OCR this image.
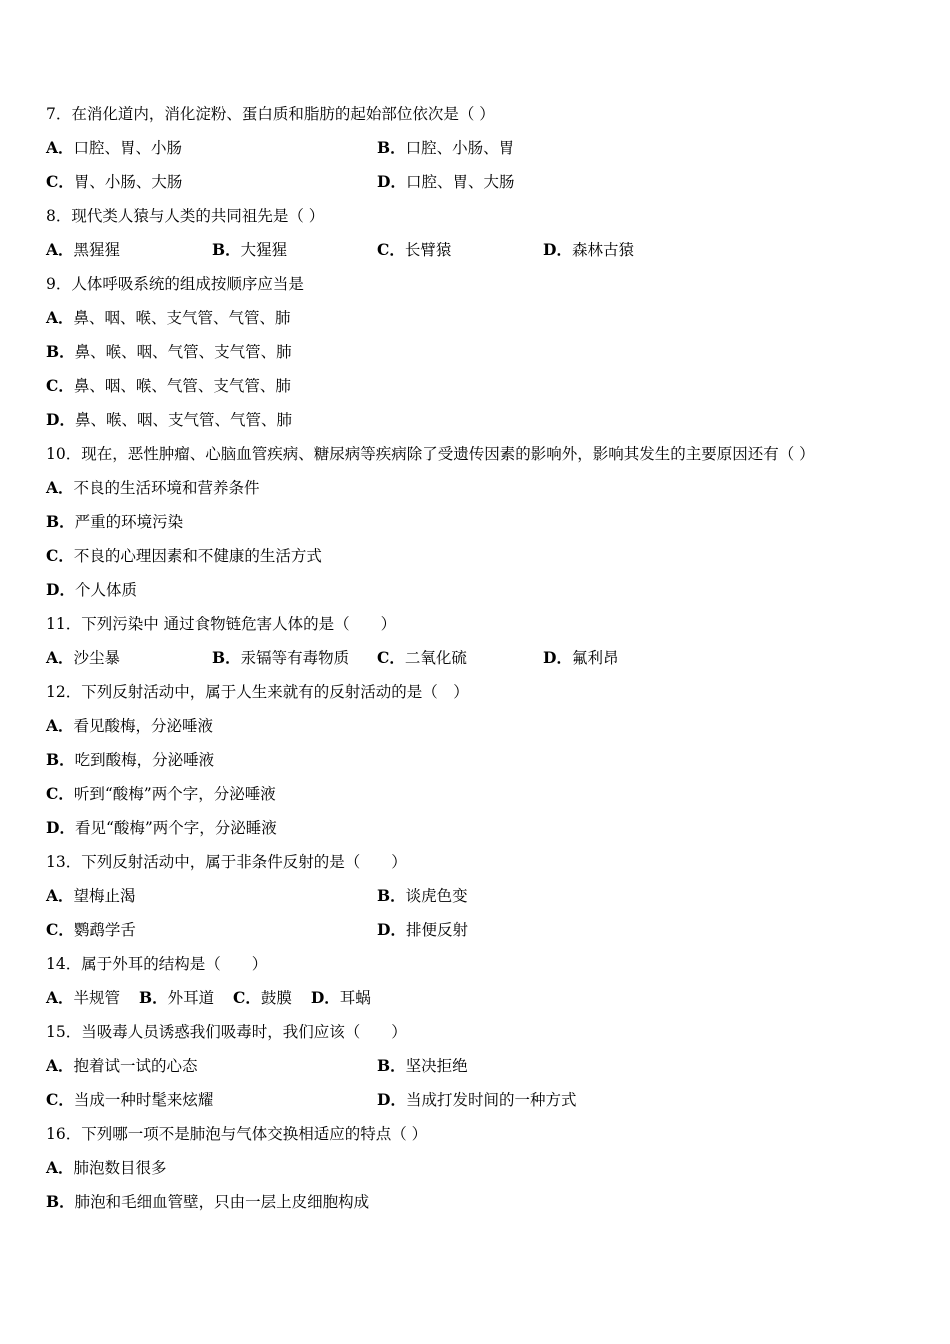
7．在消化道内，消化淀粉、蛋白质和脂肪的起始部位依次是（ ）
A．口腔、胃、小肠	B．口腔、小肠、胃
C．胃、小肠、大肠	D．口腔、胃、大肠
8．现代类人猿与人类的共同祖先是（ ）
A．黑猩猩	B．大猩猩	C．长臂猿	D．森林古猿
9．人体呼吸系统的组成按顺序应当是
A．鼻、咽、喉、支气管、气管、肺
B．鼻、喉、咽、气管、支气管、肺
C．鼻、咽、喉、气管、支气管、肺
D．鼻、喉、咽、支气管、气管、肺
10．现在，恶性肿瘤、心脑血管疾病、糖尿病等疾病除了受遗传因素的影响外，影响其发生的主要原因还有（ ）
A．不良的生活环境和营养条件
B．严重的环境污染
C．不良的心理因素和不健康的生活方式
D．个人体质
11．下列污染中 通过食物链危害人体的是（　　）
A．沙尘暴	B．汞镉等有毒物质 C．二氧化硫	D．氟利昂
12．下列反射活动中，属于人生来就有的反射活动的是（　）
A．看见酸梅，分泌唾液
B．吃到酸梅，分泌唾液
C．听到“酸梅”两个字，分泌唾液
D．看见“酸梅”两个字，分泌睡液
13．下列反射活动中，属于非条件反射的是（　　）
A．望梅止渴	B．谈虎色变
C．鹦鹉学舌	D．排便反射
14．属于外耳的结构是（　　）
A．半规管 B．外耳道 C．鼓膜 D．耳蜗
15．当吸毒人员诱惑我们吸毒时，我们应该（　　）
A．抱着试一试的心态	B．坚决拒绝
C．当成一种时髦来炫耀	D．当成打发时间的一种方式
16．下列哪一项不是肺泡与气体交换相适应的特点（ ）
A．肺泡数目很多
B．肺泡和毛细血管壁，只由一层上皮细胞构成
